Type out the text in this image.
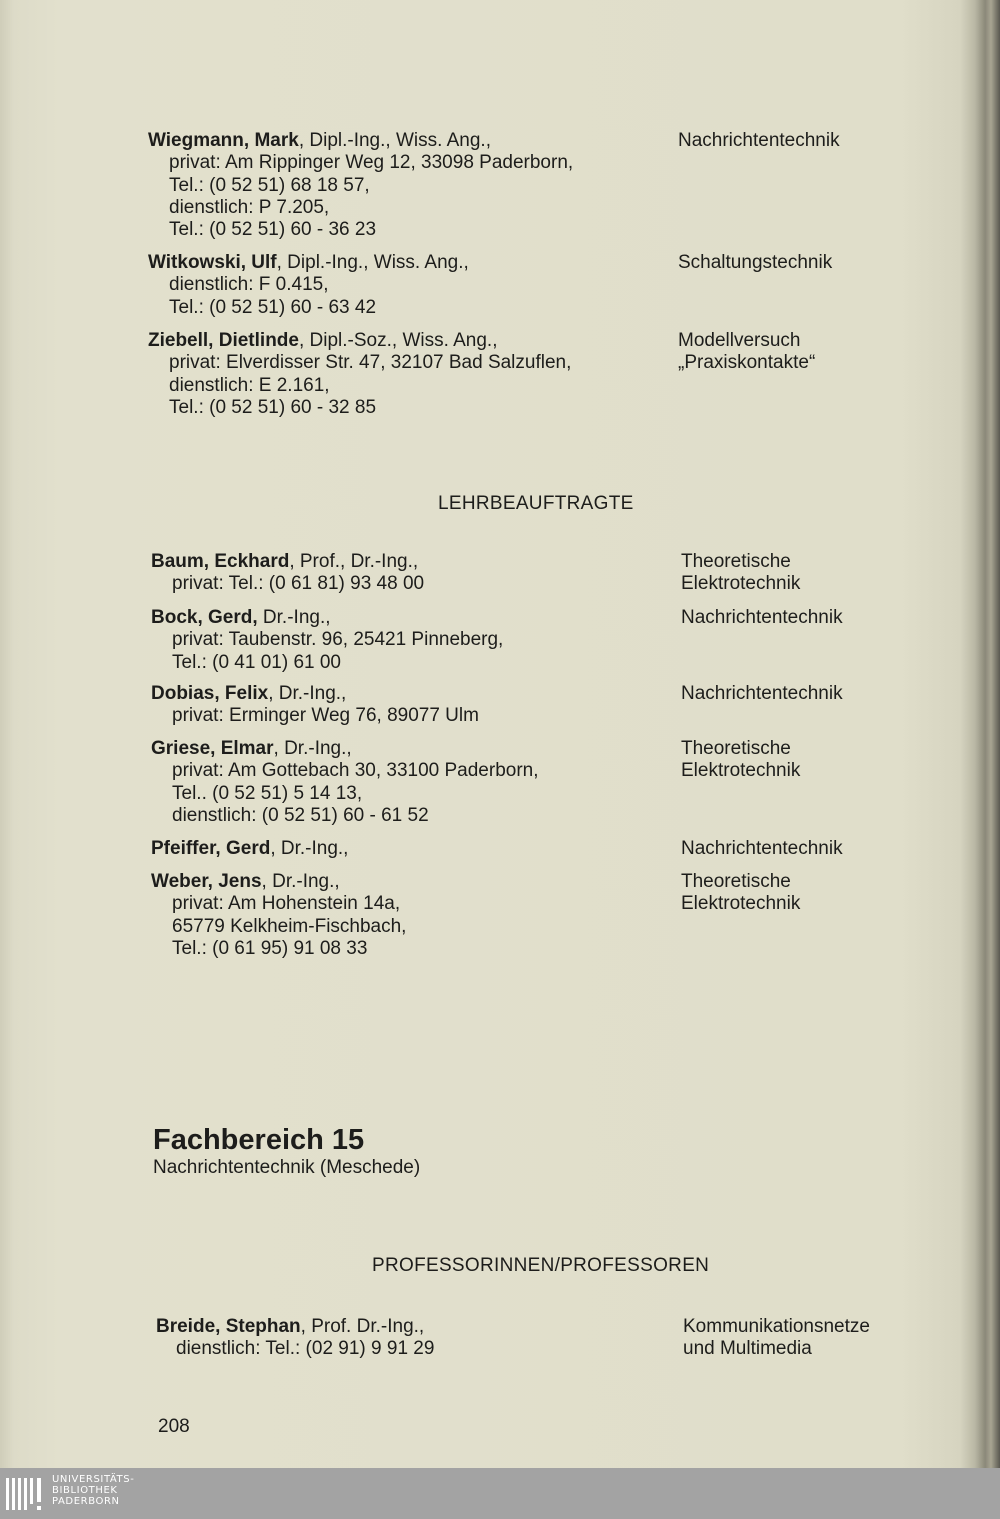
Wiegmann, Mark, Dipl.-Ing., Wiss. Ang.,
privat: Am Rippinger Weg 12, 33098 Paderborn,
Tel.: (0 52 51) 68 18 57,
dienstlich: P 7.205,
Tel.: (0 52 51) 60 - 36 23
Nachrichtentechnik
Witkowski, Ulf, Dipl.-Ing., Wiss. Ang.,
dienstlich: F 0.415,
Tel.: (0 52 51) 60 - 63 42
Schaltungstechnik
Ziebell, Dietlinde, Dipl.-Soz., Wiss. Ang.,
privat: Elverdisser Str. 47, 32107 Bad Salzuflen,
dienstlich: E 2.161,
Tel.: (0 52 51) 60 - 32 85
Modellversuch
„Praxiskontakte“
Baum, Eckhard, Prof., Dr.-Ing.,
privat: Tel.: (0 61 81) 93 48 00
Theoretische
Elektrotechnik
Bock, Gerd, Dr.-Ing.,
privat: Taubenstr. 96, 25421 Pinneberg,
Tel.: (0 41 01) 61 00
Nachrichtentechnik
Dobias, Felix, Dr.-Ing.,
privat: Erminger Weg 76, 89077 Ulm
Nachrichtentechnik
Griese, Elmar, Dr.-Ing.,
privat: Am Gottebach 30, 33100 Paderborn,
Tel.. (0 52 51) 5 14 13,
dienstlich: (0 52 51) 60 - 61 52
Theoretische
Elektrotechnik
Pfeiffer, Gerd, Dr.-Ing.,	Nachrichtentechnik
Weber, Jens, Dr.-Ing.,
privat: Am Hohenstein 14a,
65779 Kelkheim-Fischbach,
Tel.: (0 61 95) 91 08 33
Theoretische
Elektrotechnik
Breide, Stephan, Prof. Dr.-Ing.,
dienstlich: Tel.: (02 91) 9 91 29
Kommunikationsnetze
und Multimedia
LEHRBEAUFTRAGTE
Fachbereich 15
Nachrichtentechnik (Meschede)
PROFESSORINNEN/PROFESSOREN
208
UNIVERSITÄTS-
BIBLIOTHEK
PADERBORN
